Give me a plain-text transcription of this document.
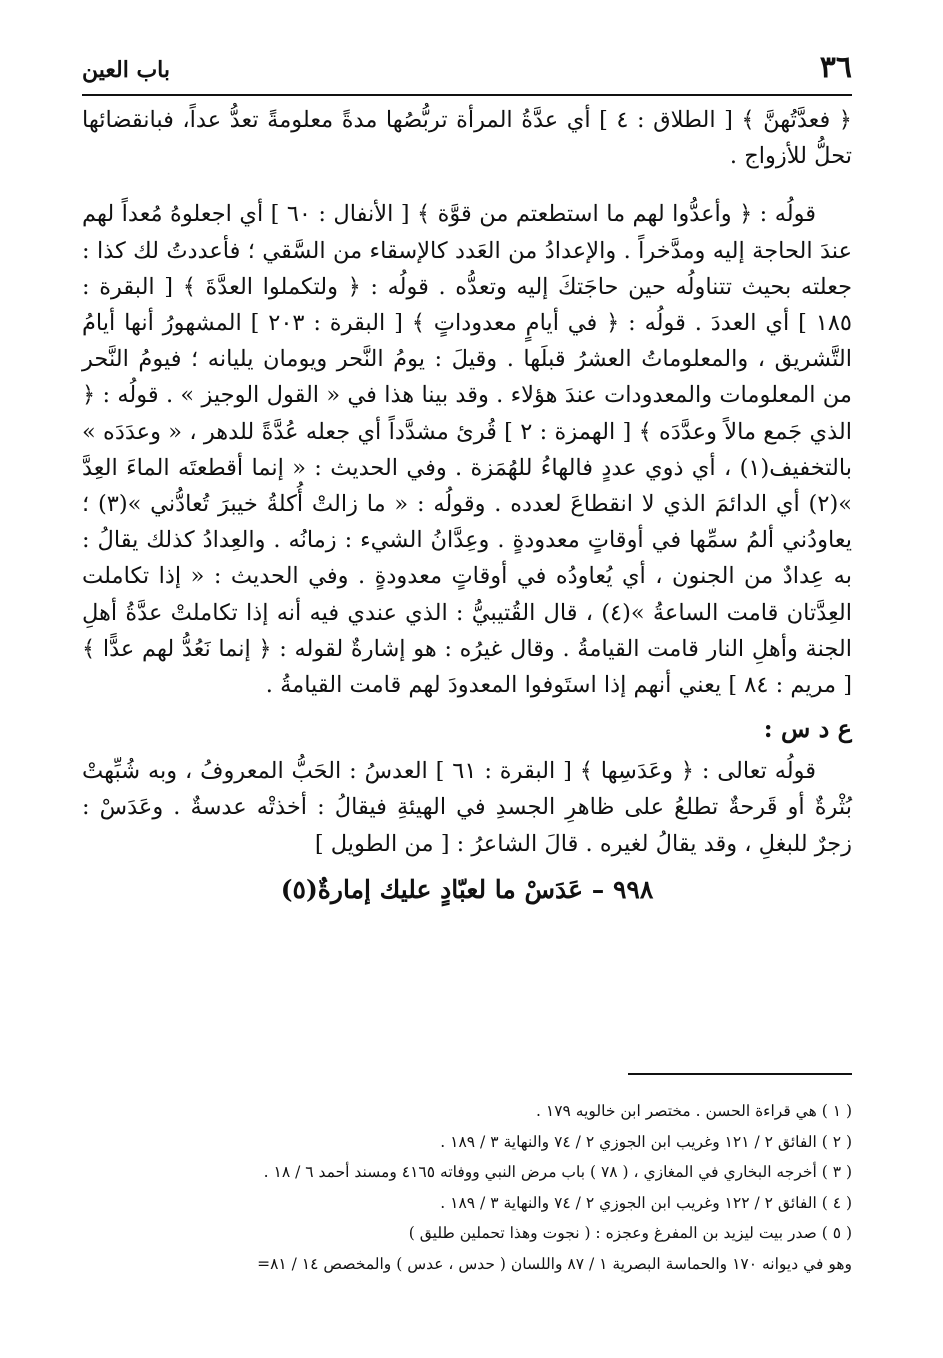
٣٦
باب العين

﴿ فعدَّتُهنَّ ﴾ [ الطلاق : ٤ ] أي عدَّةُ المرأة تربُّصُها مدةً معلومةً تعدُّ عداً، فبانقضائها تحلُّ للأزواج .

قولُه : ﴿ وأعدُّوا لهم ما استطعتم من قوَّة ﴾ [ الأنفال : ٦٠ ] أي اجعلوهُ مُعداً لهم عندَ الحاجة إليه ومدَّخراً . والإعدادُ من العَدد كالإسقاء من السَّقي ؛ فأعددتُ لك كذا : جعلته بحيث تتناولُه حين حاجَتكَ إليه وتعدُّه . قولُه : ﴿ ولتكملوا العدَّةَ ﴾ [ البقرة : ١٨٥ ] أي العددَ . قولُه : ﴿ في أيامٍ معدوداتٍ ﴾ [ البقرة : ٢٠٣ ] المشهورُ أنها أيامُ التَّشريق ، والمعلوماتُ العشرُ قبلَها . وقيلَ : يومُ النَّحر ويومان يليانه ؛ فيومُ النَّحر من المعلومات والمعدودات عندَ هؤلاء . وقد بينا هذا في « القول الوجيز » . قولُه : ﴿ الذي جَمع مالاً وعدَّدَه ﴾ [ الهمزة : ٢ ] قُرئ مشدَّداً أي جعله عُدَّةً للدهر ، « وعدَدَه » بالتخفيف(١) ، أي ذوي عددٍ فالهاءُ للهُمَزة . وفي الحديث : « إنما أقطعتَه الماءَ العِدَّ »(٢) أي الدائمَ الذي لا انقطاعَ لعدده . وقولُه : « ما زالتْ أُكلةُ خيبرَ تُعادُّني »(٣) ؛ يعاودُني ألمُ سمِّها في أوقاتٍ معدودةٍ . وعِدَّانُ الشيء : زمانُه . والعِدادُ كذلك يقالُ : به عِدادٌ من الجنون ، أي يُعاودُه في أوقاتٍ معدودةٍ . وفي الحديث : « إذا تكاملت العِدَّتان قامت الساعةُ »(٤) ، قال القُتيبيُّ : الذي عندي فيه أنه إذا تكاملتْ عدَّةُ أهلِ الجنة وأهلِ النار قامت القيامةُ . وقال غيرُه : هو إشارةٌ لقوله : ﴿ إنما نَعُدُّ لهم عدًّا ﴾ [ مريم : ٨٤ ] يعني أنهم إذا استَوفوا المعدودَ لهم قامت القيامةُ .

ع د س :

قولُه تعالى : ﴿ وعَدَسِها ﴾ [ البقرة : ٦١ ] العدسُ : الحَبُّ المعروفُ ، وبه شُبِّهتْ بُثْرةٌ أو قَرحةٌ تطلعُ على ظاهرِ الجسدِ في الهيئةِ فيقالُ : أخذتْه عدسةٌ . وعَدَسْ : زجرٌ للبغلِ ، وقد يقالُ لغيره . قالَ الشاعرُ : [ من الطويل ]

٩٩٨ – عَدَسْ ما لعبّادٍ عليك إمارةٌ(٥)

( ١ ) هي قراءة الحسن . مختصر ابن خالويه ١٧٩ .
( ٢ ) الفائق ٢ / ١٢١ وغريب ابن الجوزي ٢ / ٧٤ والنهاية ٣ / ١٨٩ .
( ٣ ) أخرجه البخاري في المغازي ، ( ٧٨ ) باب مرض النبي ووفاته ٤١٦٥ ومسند أحمد ٦ / ١٨ .
( ٤ ) الفائق ٢ / ١٢٢ وغريب ابن الجوزي ٢ / ٧٤ والنهاية ٣ / ١٨٩ .
( ٥ ) صدر بيت ليزيد بن المفرغ وعجزه : ( نجوت وهذا تحملين طليق )
وهو في ديوانه ١٧٠ والحماسة البصرية ١ / ٨٧ واللسان ( حدس ، عدس ) والمخصص ١٤ / ٨١=
